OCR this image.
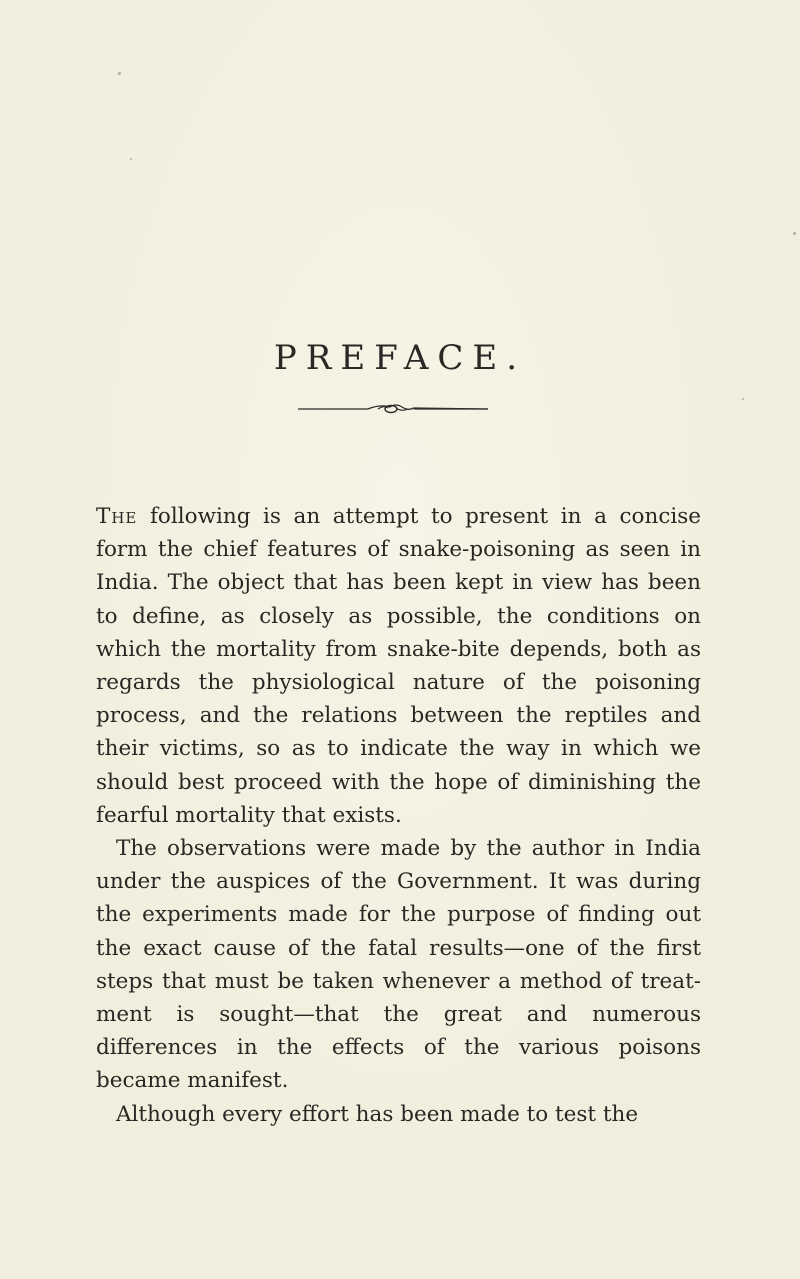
PREFACE.

The following is an attempt to present in a concise form the chief features of snake-poisoning as seen in India. The object that has been kept in view has been to define, as closely as possible, the conditions on which the mortality from snake-bite depends, both as regards the physiological nature of the poisoning process, and the relations between the reptiles and their victims, so as to indicate the way in which we should best proceed with the hope of diminishing the fearful mortality that exists.

The observations were made by the author in India under the auspices of the Government. It was during the experiments made for the purpose of finding out the exact cause of the fatal results—one of the first steps that must be taken whenever a method of treat- ment is sought—that the great and numerous differences in the effects of the various poisons became manifest.

Although every effort has been made to test the
